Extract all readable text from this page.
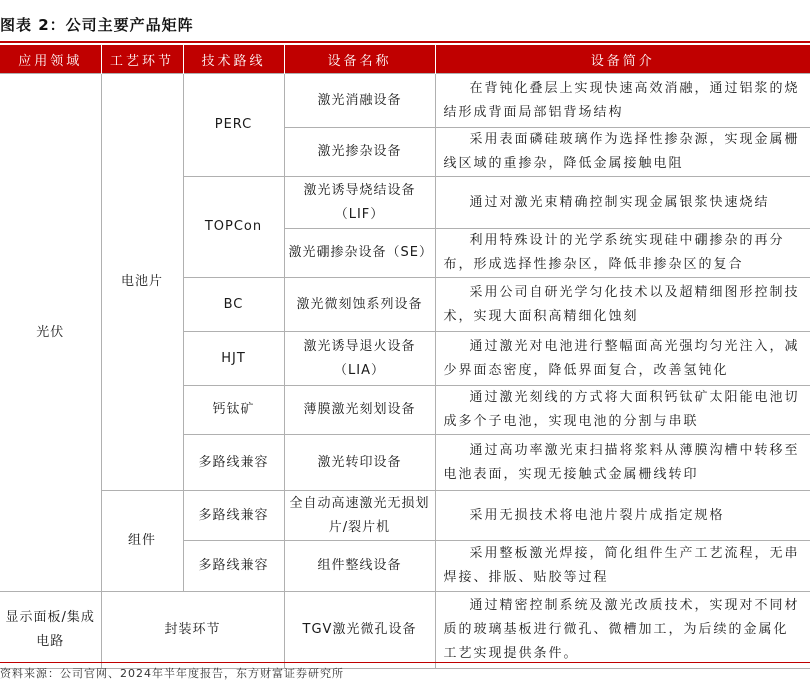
图表 2：公司主要产品矩阵
应用领域	工艺环节	技术路线	设备名称	设备简介
光伏	电池片	PERC	激光消融设备	在背钝化叠层上实现快速高效消融，通过铝浆的烧结形成背面局部铝背场结构
			激光掺杂设备	采用表面磷硅玻璃作为选择性掺杂源，实现金属栅线区域的重掺杂，降低金属接触电阻
		TOPCon	激光诱导烧结设备（LIF）	通过对激光束精确控制实现金属银浆快速烧结
			激光硼掺杂设备（SE）	利用特殊设计的光学系统实现硅中硼掺杂的再分布，形成选择性掺杂区，降低非掺杂区的复合
		BC	激光微刻蚀系列设备	采用公司自研光学匀化技术以及超精细图形控制技术，实现大面积高精细化蚀刻
		HJT	激光诱导退火设备（LIA）	通过激光对电池进行整幅面高光强均匀光注入，减少界面态密度，降低界面复合，改善氢钝化
		钙钛矿	薄膜激光刻划设备	通过激光刻线的方式将大面积钙钛矿太阳能电池切成多个子电池，实现电池的分割与串联
		多路线兼容	激光转印设备	通过高功率激光束扫描将浆料从薄膜沟槽中转移至电池表面，实现无接触式金属栅线转印
	组件	多路线兼容	全自动高速激光无损划片/裂片机	采用无损技术将电池片裂片成指定规格
		多路线兼容	组件整线设备	采用整板激光焊接，简化组件生产工艺流程，无串焊接、排版、贴胶等过程
显示面板/集成电路	封装环节		TGV激光微孔设备	通过精密控制系统及激光改质技术，实现对不同材质的玻璃基板进行微孔、微槽加工，为后续的金属化工艺实现提供条件。
资料来源：公司官网、2024年半年度报告，东方财富证券研究所
